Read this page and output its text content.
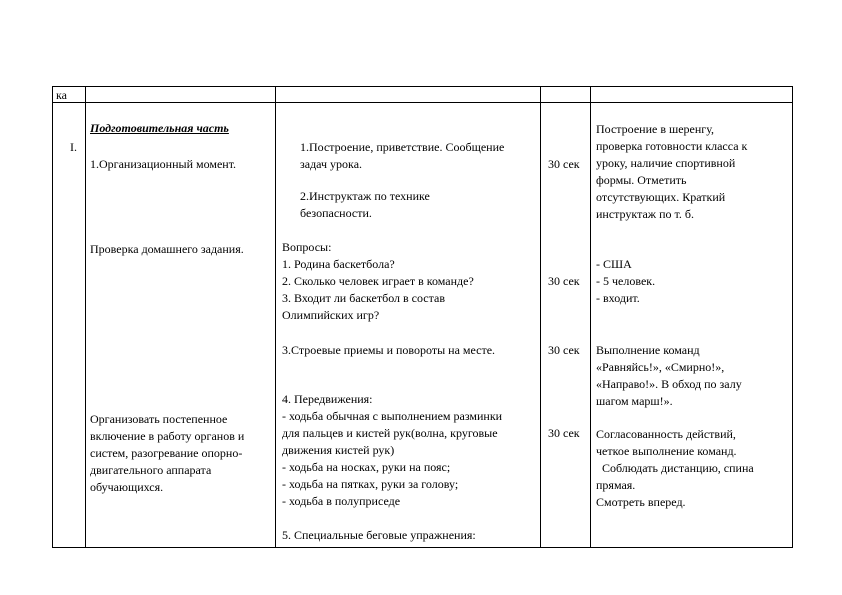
ка
I.
Подготовительная часть
1.Организационный момент.
Проверка домашнего задания.
Организовать постепенное
включение в работу органов и
систем, разогревание опорно-
двигательного аппарата
обучающихся.
1.Построение, приветствие. Сообщение
задач урока.
2.Инструктаж по технике
безопасности.
Вопросы:
1. Родина баскетбола?
2. Сколько человек играет в команде?
3. Входит ли баскетбол в состав
Олимпийских игр?
3.Строевые приемы и повороты на месте.
4. Передвижения:
- ходьба обычная с выполнением разминки
для пальцев и кистей рук(волна, круговые
движения кистей рук)
- ходьба на носках, руки на пояс;
- ходьба на пятках, руки за голову;
- ходьба в полуприседе
5. Специальные беговые упражнения:
30 сек
30 сек
30 сек
30 сек
Построение в шеренгу,
проверка готовности класса к
уроку, наличие спортивной
формы. Отметить
отсутствующих. Краткий
инструктаж по т. б.
- США
- 5 человек.
- входит.
Выполнение команд
«Равняйсь!», «Смирно!»,
«Направо!». В обход по залу
шагом марш!».
Согласованность действий,
четкое выполнение команд.
Соблюдать дистанцию, спина
прямая.
Смотреть вперед.
